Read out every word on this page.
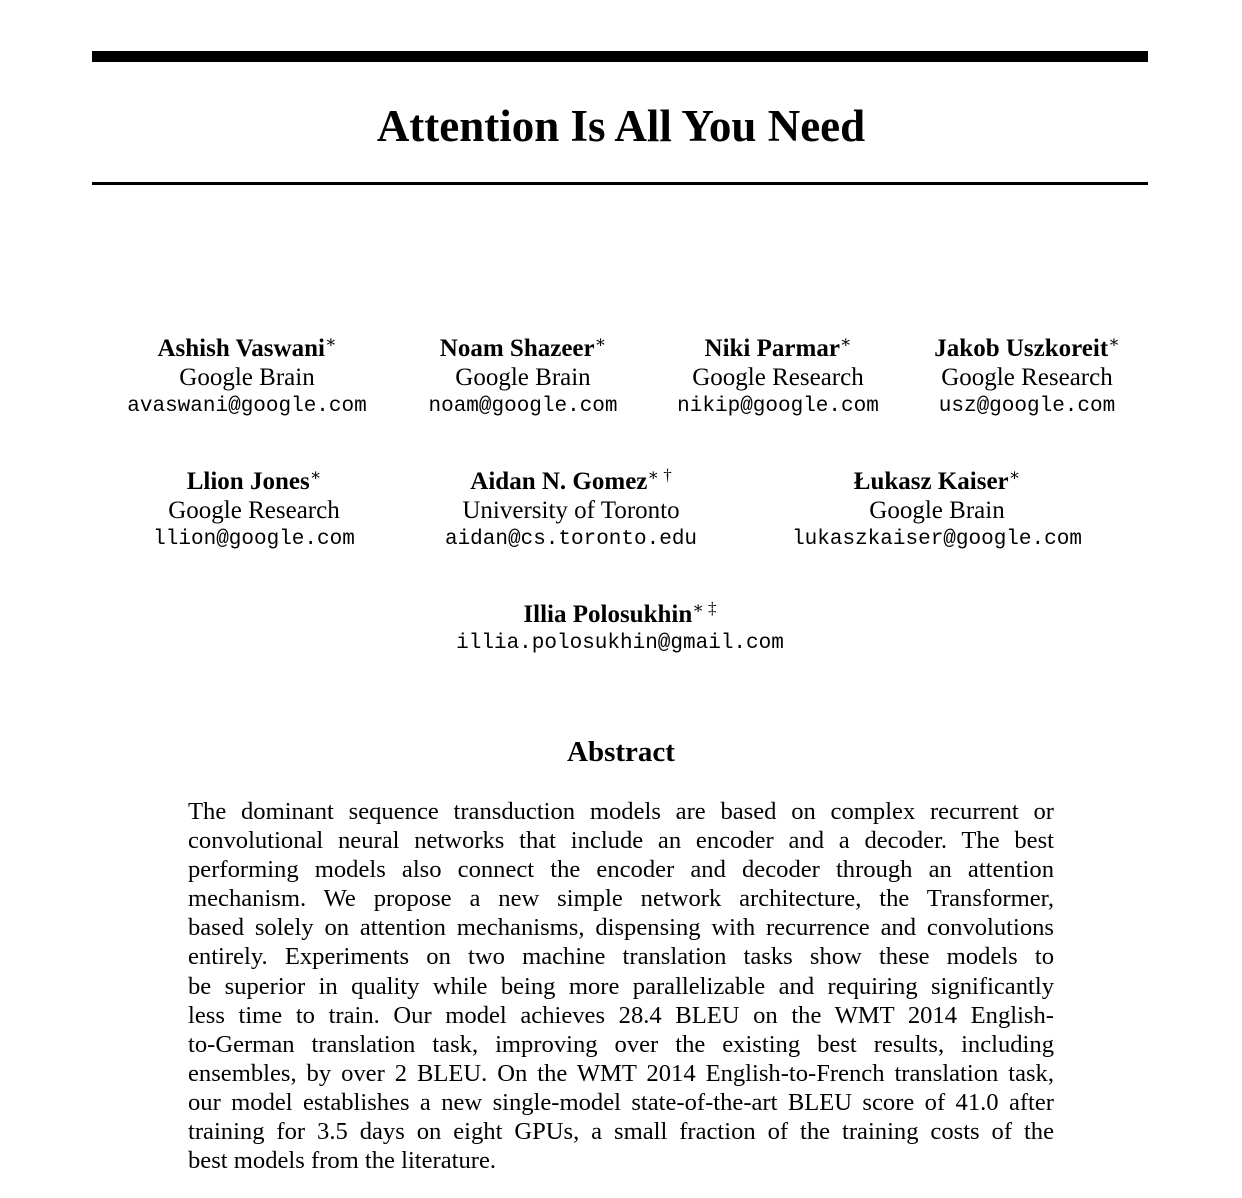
Attention Is All You Need
Ashish Vaswani∗
Google Brain
avaswani@google.com
Noam Shazeer∗
Google Brain
noam@google.com
Niki Parmar∗
Google Research
nikip@google.com
Jakob Uszkoreit∗
Google Research
usz@google.com
Llion Jones∗
Google Research
llion@google.com
Aidan N. Gomez∗ †
University of Toronto
aidan@cs.toronto.edu
Łukasz Kaiser∗
Google Brain
lukaszkaiser@google.com
Illia Polosukhin∗ ‡
illia.polosukhin@gmail.com
Abstract
The dominant sequence transduction models are based on complex recurrent or
convolutional neural networks that include an encoder and a decoder. The best
performing models also connect the encoder and decoder through an attention
mechanism. We propose a new simple network architecture, the Transformer,
based solely on attention mechanisms, dispensing with recurrence and convolutions
entirely. Experiments on two machine translation tasks show these models to
be superior in quality while being more parallelizable and requiring significantly
less time to train. Our model achieves 28.4 BLEU on the WMT 2014 English-
to-German translation task, improving over the existing best results, including
ensembles, by over 2 BLEU. On the WMT 2014 English-to-French translation task,
our model establishes a new single-model state-of-the-art BLEU score of 41.0 after
training for 3.5 days on eight GPUs, a small fraction of the training costs of the
best models from the literature.
